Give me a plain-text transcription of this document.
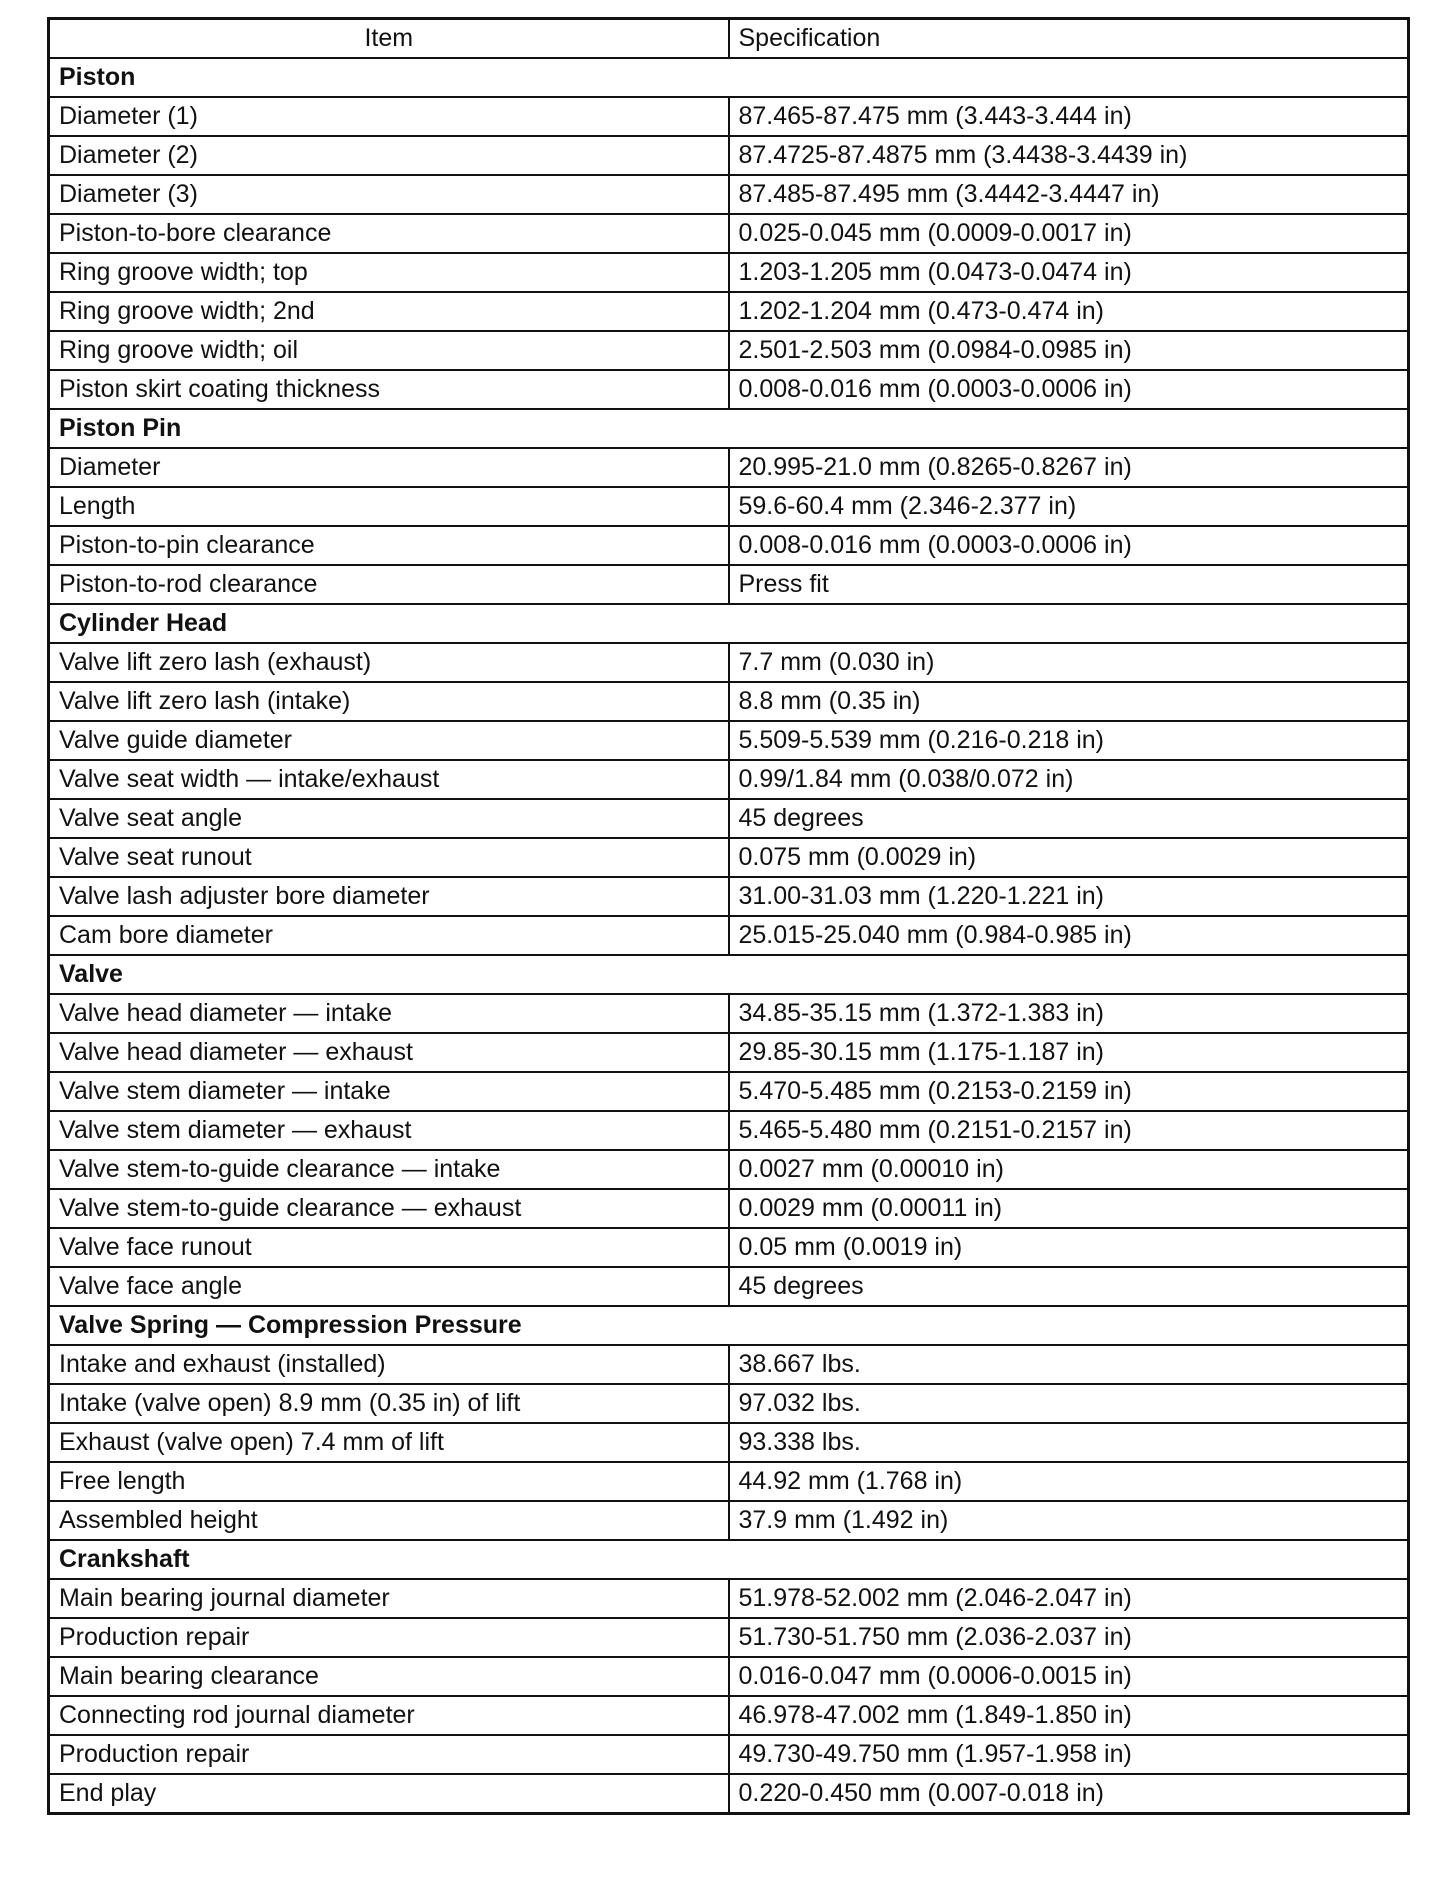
Item	Specification
Piston	
Diameter (1)	87.465-87.475 mm (3.443-3.444 in)
Diameter (2)	87.4725-87.4875 mm (3.4438-3.4439 in)
Diameter (3)	87.485-87.495 mm (3.4442-3.4447 in)
Piston-to-bore clearance	0.025-0.045 mm (0.0009-0.0017 in)
Ring groove width; top	1.203-1.205 mm (0.0473-0.0474 in)
Ring groove width; 2nd	1.202-1.204 mm (0.473-0.474 in)
Ring groove width; oil	2.501-2.503 mm (0.0984-0.0985 in)
Piston skirt coating thickness	0.008-0.016 mm (0.0003-0.0006 in)
Piston Pin	
Diameter	20.995-21.0 mm (0.8265-0.8267 in)
Length	59.6-60.4 mm (2.346-2.377 in)
Piston-to-pin clearance	0.008-0.016 mm (0.0003-0.0006 in)
Piston-to-rod clearance	Press fit
Cylinder Head	
Valve lift zero lash (exhaust)	7.7 mm (0.030 in)
Valve lift zero lash (intake)	8.8 mm (0.35 in)
Valve guide diameter	5.509-5.539 mm (0.216-0.218 in)
Valve seat width — intake/exhaust	0.99/1.84 mm (0.038/0.072 in)
Valve seat angle	45 degrees
Valve seat runout	0.075 mm (0.0029 in)
Valve lash adjuster bore diameter	31.00-31.03 mm (1.220-1.221 in)
Cam bore diameter	25.015-25.040 mm (0.984-0.985 in)
Valve	
Valve head diameter — intake	34.85-35.15 mm (1.372-1.383 in)
Valve head diameter — exhaust	29.85-30.15 mm (1.175-1.187 in)
Valve stem diameter — intake	5.470-5.485 mm (0.2153-0.2159 in)
Valve stem diameter — exhaust	5.465-5.480 mm (0.2151-0.2157 in)
Valve stem-to-guide clearance — intake	0.0027 mm (0.00010 in)
Valve stem-to-guide clearance — exhaust	0.0029 mm (0.00011 in)
Valve face runout	0.05 mm (0.0019 in)
Valve face angle	45 degrees
Valve Spring — Compression Pressure	
Intake and exhaust (installed)	38.667 lbs.
Intake (valve open) 8.9 mm (0.35 in) of lift	97.032 lbs.
Exhaust (valve open) 7.4 mm of lift	93.338 lbs.
Free length	44.92 mm (1.768 in)
Assembled height	37.9 mm (1.492 in)
Crankshaft	
Main bearing journal diameter	51.978-52.002 mm (2.046-2.047 in)
Production repair	51.730-51.750 mm (2.036-2.037 in)
Main bearing clearance	0.016-0.047 mm (0.0006-0.0015 in)
Connecting rod journal diameter	46.978-47.002 mm (1.849-1.850 in)
Production repair	49.730-49.750 mm (1.957-1.958 in)
End play	0.220-0.450 mm (0.007-0.018 in)
